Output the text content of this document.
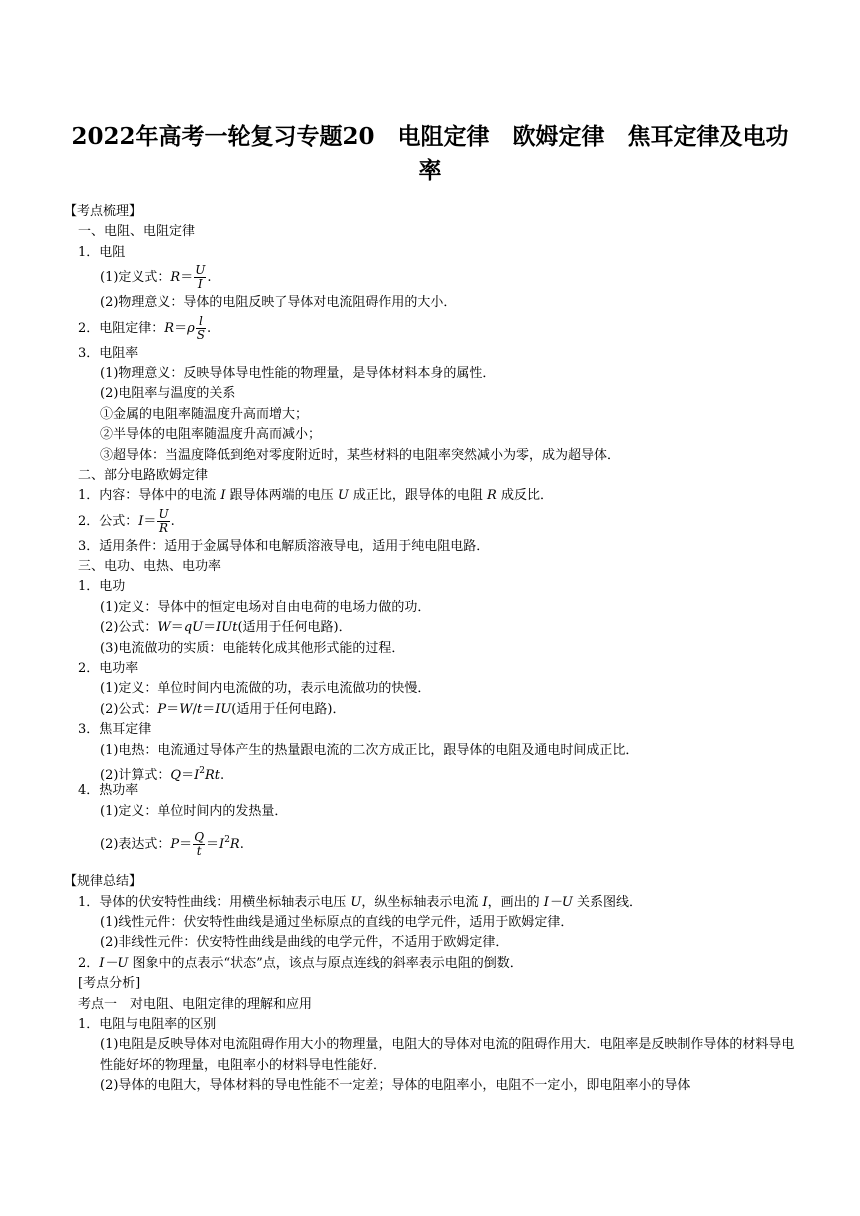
2022年高考一轮复习专题20　电阻定律　欧姆定律　焦耳定律及电功
率
【考点梳理】
一、电阻、电阻定律
1．电阻
(1)定义式：$R= \frac{U}{I}$ .
(2)物理意义：导体的电阻反映了导体对电流阻碍作用的大小．
2．电阻定律：$R=\rho \frac{l}{S}$ .
3．电阻率
(1)物理意义：反映导体导电性能的物理量，是导体材料本身的属性．
(2)电阻率与温度的关系
①金属的电阻率随温度升高而增大；
②半导体的电阻率随温度升高而减小；
③超导体：当温度降低到绝对零度附近时，某些材料的电阻率突然减小为零，成为超导体．
二、部分电路欧姆定律
1．内容：导体中的电流 I 跟导体两端的电压 U 成正比，跟导体的电阻 R 成反比．
2．公式：$I= \frac{U}{R}$ .
3．适用条件：适用于金属导体和电解质溶液导电，适用于纯电阻电路．
三、电功、电热、电功率
1．电功
(1)定义：导体中的恒定电场对自由电荷的电场力做的功．
(2)公式：W＝qU＝IUt(适用于任何电路)．
(3)电流做功的实质：电能转化成其他形式能的过程．
2．电功率
(1)定义：单位时间内电流做的功，表示电流做功的快慢．
(2)公式：P＝W/t＝IU(适用于任何电路)．
3．焦耳定律
(1)电热：电流通过导体产生的热量跟电流的二次方成正比，跟导体的电阻及通电时间成正比．
(2)计算式：$Q=I^2Rt$.
4．热功率
(1)定义：单位时间内的发热量．
(2)表达式：$P= \frac{Q}{t} =I^2R$.
【规律总结】
1．导体的伏安特性曲线：用横坐标轴表示电压 U，纵坐标轴表示电流 I，画出的 I－U 关系图线．
(1)线性元件：伏安特性曲线是通过坐标原点的直线的电学元件，适用于欧姆定律．
(2)非线性元件：伏安特性曲线是曲线的电学元件，不适用于欧姆定律．
2．I－U 图象中的点表示“状态”点，该点与原点连线的斜率表示电阻的倒数．
[考点分析]
考点一　对电阻、电阻定律的理解和应用
1．电阻与电阻率的区别
(1)电阻是反映导体对电流阻碍作用大小的物理量，电阻大的导体对电流的阻碍作用大．电阻率是反映制作导体的材料导电性能好坏的物理量，电阻率小的材料导电性能好．
(2)导体的电阻大，导体材料的导电性能不一定差；导体的电阻率小，电阻不一定小，即电阻率小的导体
